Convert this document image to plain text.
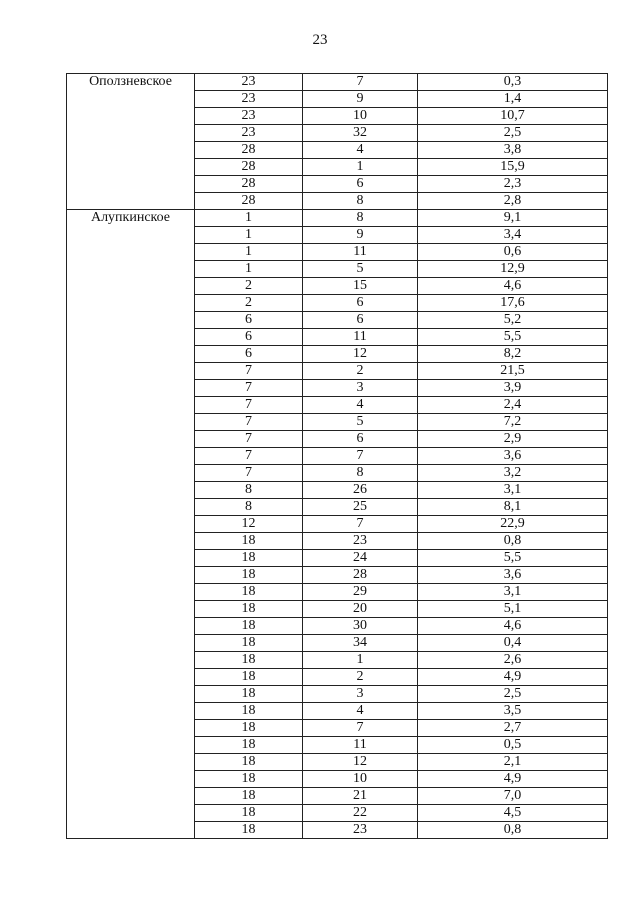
23
Оползневское	23	7	0,3
	23	9	1,4
	23	10	10,7
	23	32	2,5
	28	4	3,8
	28	1	15,9
	28	6	2,3
	28	8	2,8
Алупкинское	1	8	9,1
	1	9	3,4
	1	11	0,6
	1	5	12,9
	2	15	4,6
	2	6	17,6
	6	6	5,2
	6	11	5,5
	6	12	8,2
	7	2	21,5
	7	3	3,9
	7	4	2,4
	7	5	7,2
	7	6	2,9
	7	7	3,6
	7	8	3,2
	8	26	3,1
	8	25	8,1
	12	7	22,9
	18	23	0,8
	18	24	5,5
	18	28	3,6
	18	29	3,1
	18	20	5,1
	18	30	4,6
	18	34	0,4
	18	1	2,6
	18	2	4,9
	18	3	2,5
	18	4	3,5
	18	7	2,7
	18	11	0,5
	18	12	2,1
	18	10	4,9
	18	21	7,0
	18	22	4,5
	18	23	0,8
